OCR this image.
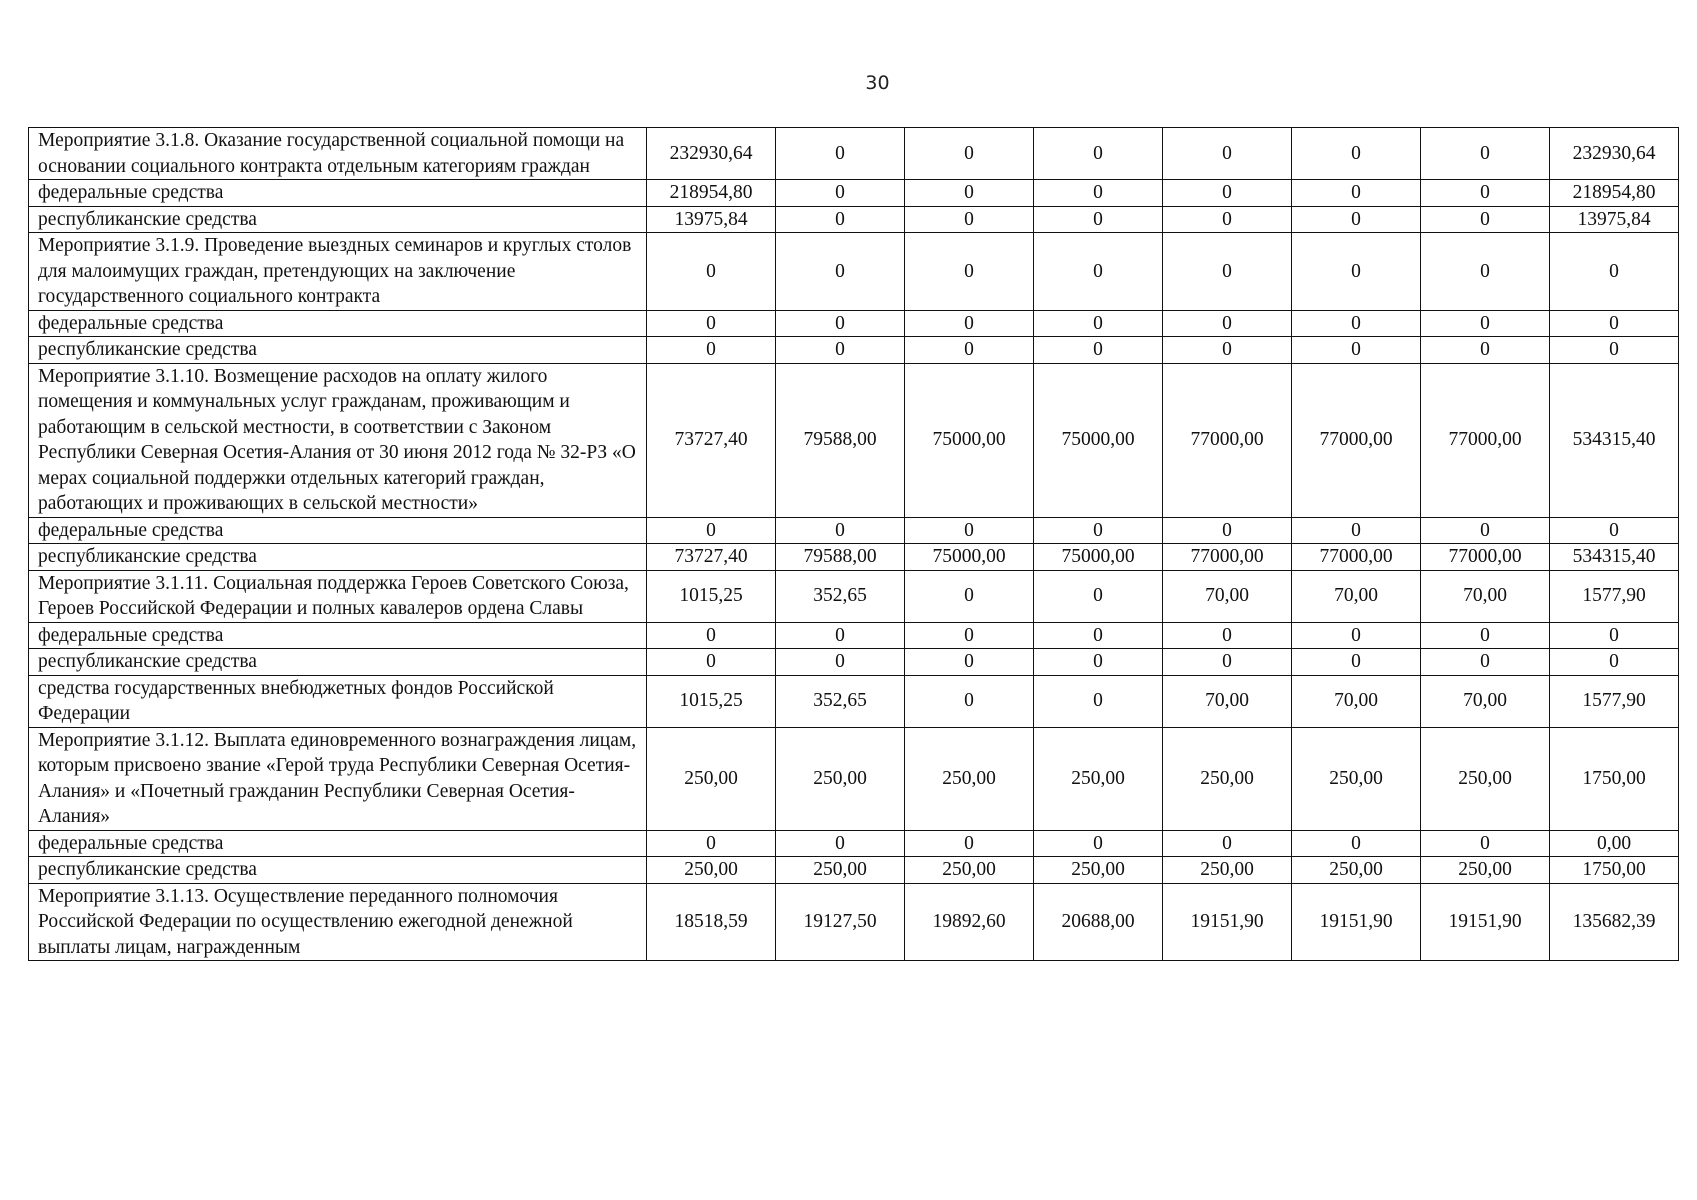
30
Мероприятие 3.1.8. Оказание государственной социальной помощи на основании социального контракта отдельным категориям граждан	232930,64	0	0	0	0	0	0	232930,64
федеральные средства	218954,80	0	0	0	0	0	0	218954,80
республиканские средства	13975,84	0	0	0	0	0	0	13975,84
Мероприятие 3.1.9. Проведение выездных семинаров и круглых столов для малоимущих граждан, претендующих на заключение государственного социального контракта	0	0	0	0	0	0	0	0
федеральные средства	0	0	0	0	0	0	0	0
республиканские средства	0	0	0	0	0	0	0	0
Мероприятие 3.1.10. Возмещение расходов на оплату жилого помещения и коммунальных услуг гражданам, проживающим и работающим в сельской местности, в соответствии с Законом Республики Северная Осетия-Алания от 30 июня 2012 года № 32-РЗ «О мерах социальной поддержки отдельных категорий граждан, работающих и проживающих в сельской местности»	73727,40	79588,00	75000,00	75000,00	77000,00	77000,00	77000,00	534315,40
федеральные средства	0	0	0	0	0	0	0	0
республиканские средства	73727,40	79588,00	75000,00	75000,00	77000,00	77000,00	77000,00	534315,40
Мероприятие 3.1.11. Социальная поддержка Героев Советского Союза, Героев Российской Федерации и полных кавалеров ордена Славы	1015,25	352,65	0	0	70,00	70,00	70,00	1577,90
федеральные средства	0	0	0	0	0	0	0	0
республиканские средства	0	0	0	0	0	0	0	0
средства государственных внебюджетных фондов Российской Федерации	1015,25	352,65	0	0	70,00	70,00	70,00	1577,90
Мероприятие 3.1.12. Выплата единовременного вознаграждения лицам, которым присвоено звание «Герой труда Республики Северная Осетия-Алания» и «Почетный гражданин Республики Северная Осетия-Алания»	250,00	250,00	250,00	250,00	250,00	250,00	250,00	1750,00
федеральные средства	0	0	0	0	0	0	0	0,00
республиканские средства	250,00	250,00	250,00	250,00	250,00	250,00	250,00	1750,00
Мероприятие 3.1.13. Осуществление переданного полномочия Российской Федерации по осуществлению ежегодной денежной выплаты лицам, награжденным	18518,59	19127,50	19892,60	20688,00	19151,90	19151,90	19151,90	135682,39
